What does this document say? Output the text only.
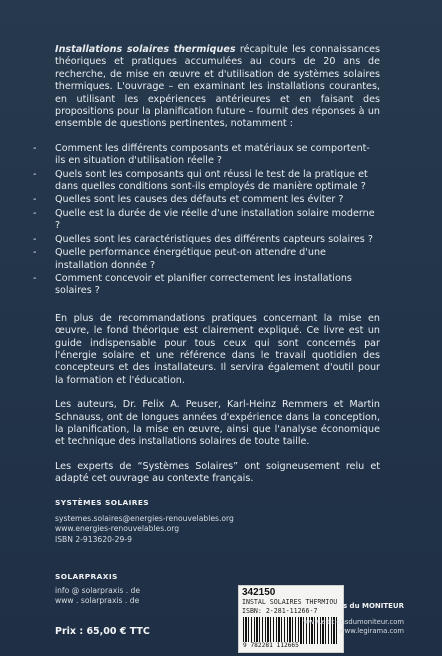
Installations solaires thermiques récapitule les connaissances théoriques et pratiques accumulées au cours de 20 ans de recherche, de mise en œuvre et d'utilisation de systèmes solaires thermiques. L'ouvrage – en examinant les installations courantes, en utilisant les expériences antérieures et en faisant des propositions pour la planification future – fournit des réponses à un ensemble de questions pertinentes, notamment :

- Comment les différents composants et matériaux se comportent-ils en situation d'utilisation réelle ?
- Quels sont les composants qui ont réussi le test de la pratique et dans quelles conditions sont-ils employés de manière optimale ?
- Quelles sont les causes des défauts et comment les éviter ?
- Quelle est la durée de vie réelle d'une installation solaire moderne ?
- Quelles sont les caractéristiques des différents capteurs solaires ?
- Quelle performance énergétique peut-on attendre d'une installation donnée ?
- Comment concevoir et planifier correctement les installations solaires ?

En plus de recommandations pratiques concernant la mise en œuvre, le fond théorique est clairement expliqué. Ce livre est un guide indispensable pour tous ceux qui sont concernés par l'énergie solaire et une référence dans le travail quotidien des concepteurs et des installateurs. Il servira également d'outil pour la formation et l'éducation.

Les auteurs, Dr. Felix A. Peuser, Karl-Heinz Remmers et Martin Schnauss, ont de longues années d'expérience dans la conception, la planification, la mise en œuvre, ainsi que l'analyse économique et technique des installations solaires de toute taille.

Les experts de “Systèmes Solaires” ont soigneusement relu et adapté cet ouvrage au contexte français.

SYSTÈMES SOLAIRES
systemes.solaires@energies-renouvelables.org
www.energies-renouvelables.org
ISBN 2-913620-29-9
SOLARPRAXIS
info @ solarpraxis . de
www . solarpraxis . de
Prix : 65,00 € TTC
342150
INSTAL SOLAIRES THERMIQU
ISBN: 2-281-11266-7
9 782281 112665
Éditions du MONITEUR
www.editionsdumoniteur.com
www.legirama.com
